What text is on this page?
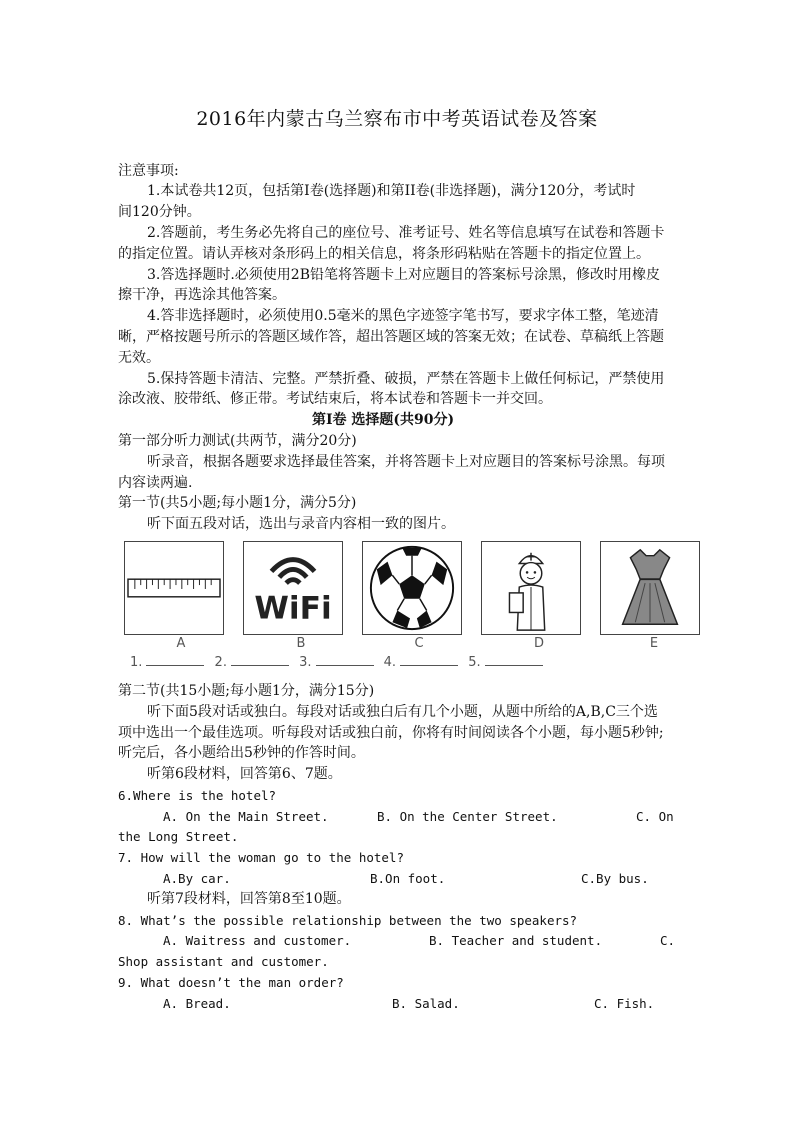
2016年内蒙古乌兰察布市中考英语试卷及答案
注意事项:
1.本试卷共12页，包括第Ⅰ卷(选择题)和第II卷(非选择题)，满分120分，考试时
间120分钟。
2.答题前，考生务必先将自己的座位号、准考证号、姓名等信息填写在试卷和答题卡
的指定位置。请认弄核对条形码上的相关信息，将条形码粘贴在答题卡的指定位置上。
3.答选择题时.必须使用2B铅笔将答题卡上对应题目的答案标号涂黑，修改时用橡皮
擦干净，再选涂其他答案。
4.答非选择题时，必须使用0.5毫米的黑色字迹签字笔书写，要求字体工整，笔迹清
晰，严格按题号所示的答题区域作答，超出答题区域的答案无效；在试卷、草稿纸上答题
无效。
5.保持答题卡清洁、完整。严禁折叠、破损，严禁在答题卡上做任何标记，严禁使用
涂改液、胶带纸、修正带。考试结束后，将本试卷和答题卡一并交回。
第Ⅰ卷 选择题(共90分)
第一部分听力测试(共两节，满分20分)
听录音，根据各题要求选择最佳答案，并将答题卡上对应题目的答案标号涂黑。每项
内容读两遍.
第一节(共5小题;每小题1分，满分5分)
听下面五段对话，选出与录音内容相一致的图片。
A
WiFi
B	C	D	E
1.	2.	3.	4.	5.
第二节(共15小题;每小题1分，满分15分)
听下面5段对话或独白。每段对话或独白后有几个小题，从题中所给的A,B,C三个选
项中选出一个最佳选项。听每段对话或独白前，你将有时间阅读各个小题，每小题5秒钟;
听完后，各小题给出5秒钟的作答时间。
听第6段材料，回答第6、7题。
6.Where is the hotel?
A. On the Main Street.	B. On the Center Street.	C. On
the Long Street.
7. How will the woman go to the hotel?
A.By car.	B.On foot.	C.By bus.
听第7段材料，回答第8至10题。
8. What’s the possible relationship between the two speakers?
A. Waitress and customer.	B. Teacher and student.	C.
Shop assistant and customer.
9. What doesn’t the man order?
A. Bread.	B. Salad.	C. Fish.
